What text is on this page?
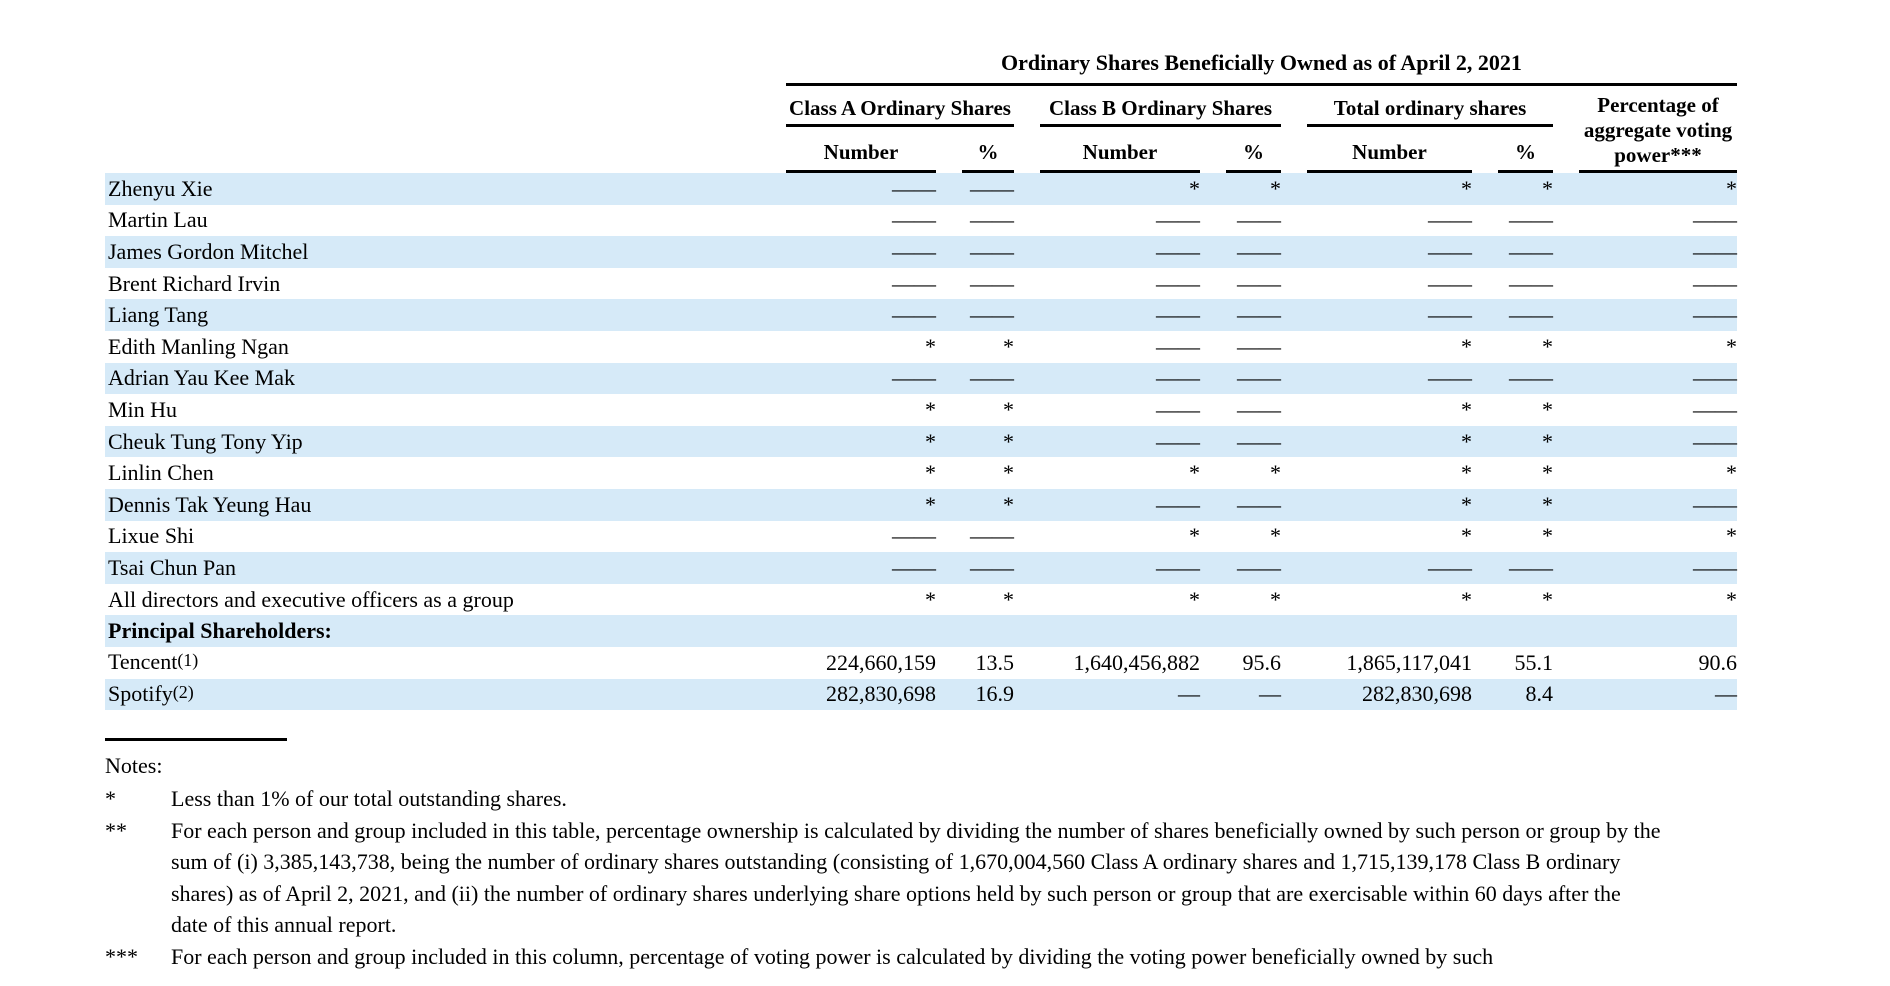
Ordinary Shares Beneficially Owned as of April 2, 2021
Class A Ordinary Shares	Class B Ordinary Shares	Total ordinary shares	Percentage of aggregate voting power***
Number	%	Number	%	Number	%
Zhenyu Xie	——	——	*	*	*	*	*
Martin Lau	——	——	——	——	——	——	——
James Gordon Mitchel	——	——	——	——	——	——	——
Brent Richard Irvin	——	——	——	——	——	——	——
Liang Tang	——	——	——	——	——	——	——
Edith Manling Ngan	*	*	——	——	*	*	*
Adrian Yau Kee Mak	——	——	——	——	——	——	——
Min Hu	*	*	——	——	*	*	——
Cheuk Tung Tony Yip	*	*	——	——	*	*	——
Linlin Chen	*	*	*	*	*	*	*
Dennis Tak Yeung Hau	*	*	——	——	*	*	——
Lixue Shi	——	——	*	*	*	*	*
Tsai Chun Pan	——	——	——	——	——	——	——
All directors and executive officers as a group	*	*	*	*	*	*	*
Principal Shareholders:
Tencent(1)	224,660,159	13.5	1,640,456,882	95.6	1,865,117,041	55.1	90.6
Spotify(2)	282,830,698	16.9	—	—	282,830,698	8.4	—
Notes:
*	Less than 1% of our total outstanding shares.
**	For each person and group included in this table, percentage ownership is calculated by dividing the number of shares beneficially owned by such person or group by the sum of (i) 3,385,143,738, being the number of ordinary shares outstanding (consisting of 1,670,004,560 Class A ordinary shares and 1,715,139,178 Class B ordinary shares) as of April 2, 2021, and (ii) the number of ordinary shares underlying share options held by such person or group that are exercisable within 60 days after the date of this annual report.
***	For each person and group included in this column, percentage of voting power is calculated by dividing the voting power beneficially owned by such
